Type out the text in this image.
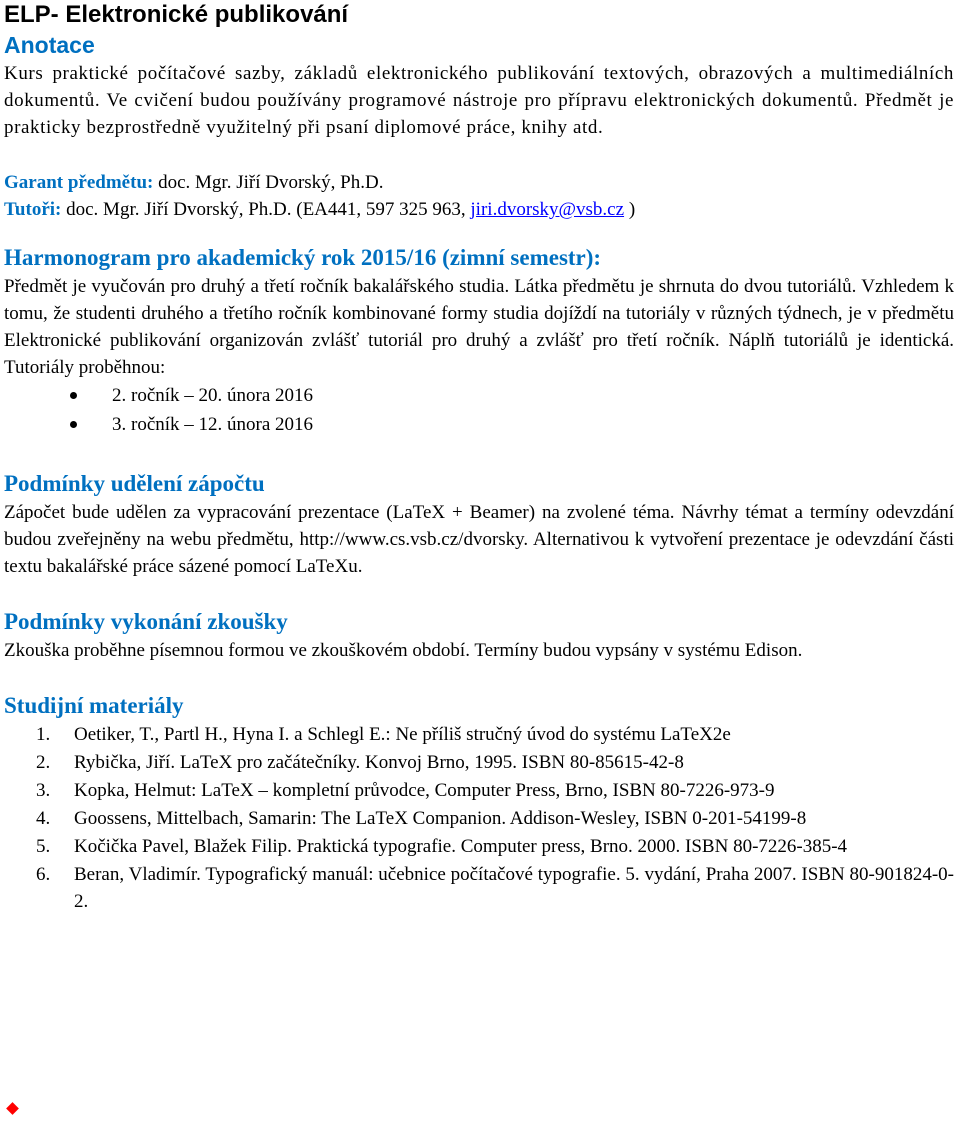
ELP- Elektronické publikování
Anotace

Kurs praktické počítačové sazby, základů elektronického publikování textových, obrazových a multimediálních dokumentů. Ve cvičení budou používány programové nástroje pro přípravu elektronických dokumentů. Předmět je prakticky bezprostředně využitelný při psaní diplomové práce, knihy atd.

Garant předmětu: doc. Mgr. Jiří Dvorský, Ph.D.

Tutoři: doc. Mgr. Jiří Dvorský, Ph.D. (EA441, 597 325 963, jiri.dvorsky@vsb.cz )

Harmonogram pro akademický rok 2015/16 (zimní semestr):

Předmět je vyučován pro druhý a třetí ročník bakalářského studia. Látka předmětu je shrnuta do dvou tutoriálů. Vzhledem k tomu, že studenti druhého a třetího ročník kombinované formy studia dojíždí na tutoriály v různých týdnech, je v předmětu Elektronické publikování organizován zvlášť tutoriál pro druhý a zvlášť pro třetí ročník. Náplň tutoriálů je identická. Tutoriály proběhnou:

2. ročník – 20. února 2016
3. ročník – 12. února 2016
Podmínky udělení zápočtu

Zápočet bude udělen za vypracování prezentace (LaTeX + Beamer) na zvolené téma. Návrhy témat a termíny odevzdání budou zveřejněny na webu předmětu, http://www.cs.vsb.cz/dvorsky. Alternativou k vytvoření prezentace je odevzdání části textu bakalářské práce sázené pomocí LaTeXu.

Podmínky vykonání zkoušky

Zkouška proběhne písemnou formou ve zkouškovém období. Termíny budou vypsány v systému Edison.

Studijní materiály
1. Oetiker, T., Partl H., Hyna I. a Schlegl E.: Ne příliš stručný úvod do systému LaTeX2e
2. Rybička, Jiří. LaTeX pro začátečníky. Konvoj Brno, 1995. ISBN 80-85615-42-8
3. Kopka, Helmut: LaTeX – kompletní průvodce, Computer Press, Brno, ISBN 80-7226-973-9
4. Goossens, Mittelbach, Samarin: The LaTeX Companion. Addison-Wesley, ISBN 0-201-54199-8
5. Kočička Pavel, Blažek Filip. Praktická typografie. Computer press, Brno. 2000. ISBN 80-7226-385-4
6. Beran, Vladimír. Typografický manuál: učebnice počítačové typografie. 5. vydání, Praha 2007. ISBN 80-901824-0-2.
